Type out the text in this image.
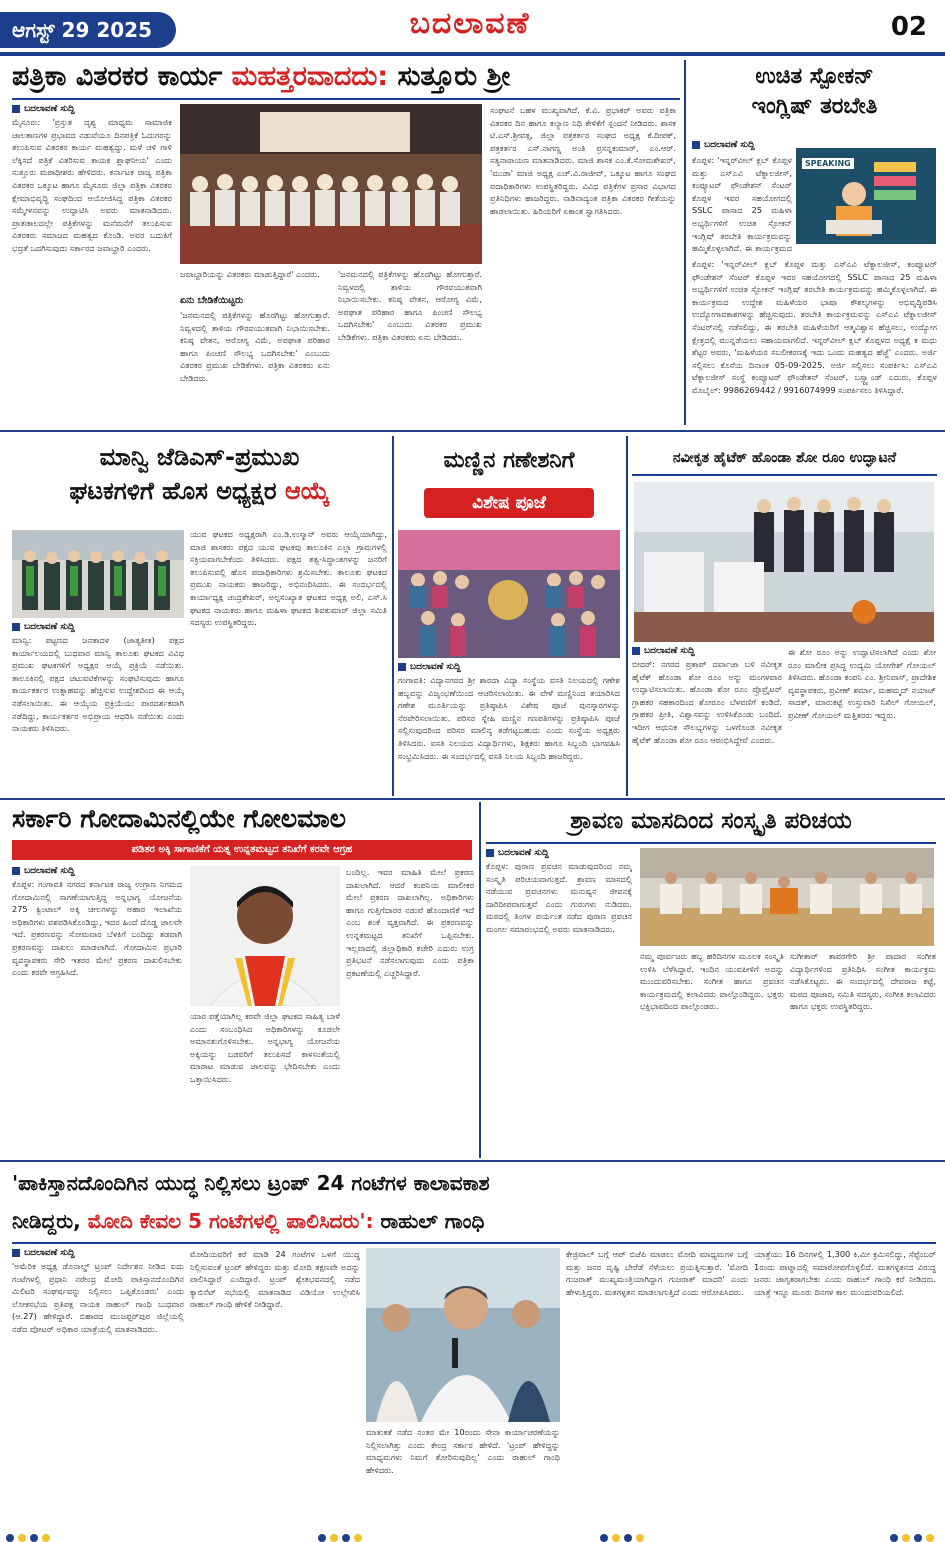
ಆಗಸ್ಟ್ 29 2025	ಬದಲಾವಣೆ	02
ಪತ್ರಿಕಾ ವಿತರಕರ ಕಾರ್ಯ ಮಹತ್ತರವಾದದು: ಸುತ್ತೂರು ಶ್ರೀ
ಬದಲಾವಣೆ ಸುದ್ದಿ
ಮೈಸೂರು: 'ಪ್ರಸ್ತುತ ದೃಶ್ಯ ಮಾಧ್ಯಮ ಸಾಮಾಜಿಕ ಜಾಲತಾಣಗಳ ಪ್ರಭಾವದ ನಡುವೆಯೂ ದಿನಪತ್ರಿಕೆ ಓದುಗರನ್ನು ತಲುಪಿಸುವ ವಿತರಕರ ಕಾರ್ಯ ಮಹತ್ವದ್ದು. ಮಳೆ ಚಳಿ ಗಾಳಿ ಲೆಕ್ಕಿಸದೆ ಪತ್ರಿಕೆ ವಿತರಿಸುವ ಕಾಯಕ ಶ್ಲಾಘನೀಯ' ಎಂದು ಸುತ್ತೂರು ಮಠಾಧೀಶರು ಹೇಳಿದರು. ಕರ್ನಾಟಕ ರಾಜ್ಯ ಪತ್ರಿಕಾ ವಿತರಕರ ಒಕ್ಕೂಟ ಹಾಗೂ ಮೈಸೂರು ಜಿಲ್ಲಾ ಪತ್ರಿಕಾ ವಿತರಕರ ಕ್ಷೇಮಾಭಿವೃದ್ಧಿ ಸಂಘದಿಂದ ಆಯೋಜಿಸಿದ್ದ ಪತ್ರಿಕಾ ವಿತರಕರ ಸಮ್ಮೇಳನವನ್ನು ಉದ್ಘಾಟಿಸಿ ಅವರು ಮಾತನಾಡಿದರು. ಪ್ರಾತಃಕಾಲದಲ್ಲೇ ಪತ್ರಿಕೆಗಳನ್ನು ಮನೆಮನೆಗೆ ತಲುಪಿಸುವ ವಿತರಕರು ಸಮಾಜದ ಮಹತ್ವದ ಕೊಂಡಿ. ಅವರ ಬದುಕಿಗೆ ಭದ್ರತೆ ಒದಗಿಸುವುದು ಸರ್ಕಾರದ ಜವಾಬ್ದಾರಿ ಎಂದರು.
ಜವಾಬ್ದಾರಿಯನ್ನು ವಿತರಕರು ಮಾಡುತ್ತಿದ್ದಾರೆ' ಎಂದರು.
ಏನು ಬೇಡಿಕೆಯಿಟ್ಟರು
'ಜನಮನದಲ್ಲಿ ಪತ್ರಿಕೆಗಳನ್ನು ಹೊರಗಿಟ್ಟು ಹೋಗುತ್ತಾರೆ. ನಿವ್ವಳದಲ್ಲಿ ತಾಳಿಯ ಗೌರವಯುತವಾಗಿ ನಿಭಾಯಿಸಬೇಕು. ಕನಿಷ್ಠ ವೇತನ, ಆರೋಗ್ಯ ವಿಮೆ, ಅಪಘಾತ ಪರಿಹಾರ ಹಾಗೂ ಪಿಂಚಣಿ ಸೌಲಭ್ಯ ಒದಗಿಸಬೇಕು' ಎಂಬುದು ವಿತರಕರ ಪ್ರಮುಖ ಬೇಡಿಕೆಗಳು. ಪತ್ರಿಕಾ ವಿತರಕರು ಏನು ಬೇಡಿದರು.
'ಜನಮನದಲ್ಲಿ ಪತ್ರಿಕೆಗಳನ್ನು ಹೊರಗಿಟ್ಟು ಹೋಗುತ್ತಾರೆ. ನಿವ್ವಳದಲ್ಲಿ ತಾಳಿಯ ಗೌರವಯುತವಾಗಿ ನಿಭಾಯಿಸಬೇಕು. ಕನಿಷ್ಠ ವೇತನ, ಆರೋಗ್ಯ ವಿಮೆ, ಅಪಘಾತ ಪರಿಹಾರ ಹಾಗೂ ಪಿಂಚಣಿ ಸೌಲಭ್ಯ ಒದಗಿಸಬೇಕು' ಎಂಬುದು ವಿತರಕರ ಪ್ರಮುಖ ಬೇಡಿಕೆಗಳು. ಪತ್ರಿಕಾ ವಿತರಕರು ಏನು ಬೇಡಿದರು.
ಸಂಘಟನೆ ಬಹಳ ಮುಖ್ಯವಾಗಿದೆ. ಕೆ.ವಿ. ಪ್ರಭಾಕರ್ ಅವರು ಪತ್ರಿಕಾ ವಿತರಕರ ದಿನ ಹಾಗೂ ಕಲ್ಯಾಣ ನಿಧಿ ಕೇಳಿಕೆಗೆ ಸ್ಪಂದನೆ ನೀಡಿದರು. ಶಾಸಕ ಟಿ.ಎಸ್.ಶ್ರೀವತ್ಸ, ಜಿಲ್ಲಾ ಪತ್ರಕರ್ತರ ಸಂಘದ ಅಧ್ಯಕ್ಷ ಕೆ.ದೀಪಕ್, ಪತ್ರಕರ್ತರ ಎಸ್.ನಾಗಣ್ಣ ಅಂತಿ ಪ್ರಸನ್ನಕುಮಾರ್, ಎಂ.ಆರ್. ಸತ್ಯನಾರಾಯಣ ಮಾತನಾಡಿದರು. ಮಾಜಿ ಶಾಸಕ ಎಂ.ಕೆ.ಸೋಮಶೇಖರ್, 'ಮುಡಾ' ಮಾಜಿ ಅಧ್ಯಕ್ಷ ಎಚ್.ವಿ.ರಾಜೀವ್, ಒಕ್ಕೂಟ ಹಾಗೂ ಸಂಘದ ಪದಾಧಿಕಾರಿಗಳು ಉಪಸ್ಥಿತರಿದ್ದರು. ವಿವಿಧ ಪತ್ರಿಕೆಗಳ ಪ್ರಸಾರ ವಿಭಾಗದ ಪ್ರತಿನಿಧಿಗಳು ಹಾಜರಿದ್ದರು. ನಾಡಿನಾದ್ಯಂತ ಪತ್ರಿಕಾ ವಿತರಕರ ಗೀತೆಯನ್ನು ಹಾಡಲಾಯಿತು. ಹಿರಿಯರಿಗೆ ಏಕಾಂತ ಸ್ವಾಗತಿಸಿದರು.
ಉಚಿತ ಸ್ಪೋಕನ್
ಇಂಗ್ಲಿಷ್ ತರಬೇತಿ
ಬದಲಾವಣೆ ಸುದ್ದಿ
SPEAKING
ಕೊಪ್ಪಳ: 'ಇನ್ನರ್‌ವೀಲ್ ಕ್ಲಬ್ ಕೊಪ್ಪಳ ಮತ್ತು ಎಸ್‌ಎವಿ ಟೆಕ್ನಾಲಜೀಸ್, ಕಂಪ್ಯೂಟರ್ ಫೌಂಡೇಶನ್ ಸೆಂಟರ್ ಕೊಪ್ಪಳ ಇವರ ಸಹಯೋಗದಲ್ಲಿ SSLC ಪಾಸಾದ 25 ಮಹಿಳಾ ಅಭ್ಯರ್ಥಿಗಳಿಗೆ ಉಚಿತ ಸ್ಪೋಕನ್ ಇಂಗ್ಲಿಷ್ ತರಬೇತಿ ಕಾರ್ಯಕ್ರಮವನ್ನು ಹಮ್ಮಿಕೊಳ್ಳಲಾಗಿದೆ. ಈ ಕಾರ್ಯಕ್ರಮದ
ಕೊಪ್ಪಳ: 'ಇನ್ನರ್‌ವೀಲ್ ಕ್ಲಬ್ ಕೊಪ್ಪಳ ಮತ್ತು ಎಸ್‌ಎವಿ ಟೆಕ್ನಾಲಜೀಸ್, ಕಂಪ್ಯೂಟರ್ ಫೌಂಡೇಶನ್ ಸೆಂಟರ್ ಕೊಪ್ಪಳ ಇವರ ಸಹಯೋಗದಲ್ಲಿ SSLC ಪಾಸಾದ 25 ಮಹಿಳಾ ಅಭ್ಯರ್ಥಿಗಳಿಗೆ ಉಚಿತ ಸ್ಪೋಕನ್ ಇಂಗ್ಲಿಷ್ ತರಬೇತಿ ಕಾರ್ಯಕ್ರಮವನ್ನು ಹಮ್ಮಿಕೊಳ್ಳಲಾಗಿದೆ. ಈ ಕಾರ್ಯಕ್ರಮದ ಉದ್ದೇಶ ಮಹಿಳೆಯರ ಭಾಷಾ ಕೌಶಲ್ಯಗಳನ್ನು ಅಭಿವೃದ್ಧಿಪಡಿಸಿ ಉದ್ಯೋಗಾವಕಾಶಗಳನ್ನು ಹೆಚ್ಚಿಸುವುದು. ತರಬೇತಿ ಕಾರ್ಯಕ್ರಮವನ್ನು ಎಸ್‌ಎವಿ ಟೆಕ್ನಾಲಜೀಸ್ ಸೆಂಟರ್‌ನಲ್ಲಿ ನಡೆಸಲಿದ್ದು, ಈ ತರಬೇತಿ ಮಹಿಳೆಯರಿಗೆ ಆತ್ಮವಿಶ್ವಾಸ ಹೆಚ್ಚಿಸಲು, ಉದ್ಯೋಗ ಕ್ಷೇತ್ರದಲ್ಲಿ ಮುನ್ನಡೆಯಲು ಸಹಾಯವಾಗಲಿದೆ. ಇನ್ನರ್‌ವೀಲ್ ಕ್ಲಬ್ ಕೊಪ್ಪಳದ ಅಧ್ಯಕ್ಷೆ ಕ ಮಧು ಶೆಟ್ಟರ ಅವರು, 'ಮಹಿಳೆಯರ ಸಬಲೀಕರಣಕ್ಕೆ ಇದು ಒಂದು ಮಹತ್ವದ ಹೆಜ್ಜೆ' ಎಂದರು. ಅರ್ಜಿ ಸಲ್ಲಿಸಲು ಕೊನೆಯ ದಿನಾಂಕ 05-09-2025. ಅರ್ಜಿ ಸಲ್ಲಿಸಲು ಸಂಪರ್ಕಿಸಿ: ಎಸ್‌ಎವಿ ಟೆಕ್ನಾಲಜೀಸ್ ಸಂಸ್ಥೆ ಕಂಪ್ಯೂಟರ್ ಫೌಂಡೇಶನ್ ಸೆಂಟರ್, ಬಸ್ಸ್ಟ್ಯಾಂಡ್ ಎದುರು, ಕೊಪ್ಪಳ ಮೊಬೈಲ್: 9986269442 / 9916074999 ಸಂಪರ್ಕಿಸಲು ತಿಳಿಸಿದ್ದಾರೆ.
ಮಾನ್ವಿ ಜೆಡಿಎಸ್-ಪ್ರಮುಖ
ಘಟಕಗಳಿಗೆ ಹೊಸ ಅಧ್ಯಕ್ಷರ ಆಯ್ಕೆ
ಬದಲಾವಣೆ ಸುದ್ದಿ
ಮಾನ್ವಿ: ಪಟ್ಟಣದ ಜನತಾದಳ (ಜಾತ್ಯತೀತ) ಪಕ್ಷದ ಕಾರ್ಯಾಲಯದಲ್ಲಿ ಬುಧವಾರ ಮಾನ್ವಿ ತಾಲೂಕು ಘಟಕದ ವಿವಿಧ ಪ್ರಮುಖ ಘಟಕಗಳಿಗೆ ಅಧ್ಯಕ್ಷರ ಆಯ್ಕೆ ಪ್ರಕ್ರಿಯೆ ನಡೆಯಿತು. ತಾಲೂಕಿನಲ್ಲಿ ಪಕ್ಷದ ಚಟುವಟಿಕೆಗಳನ್ನು ಸಂಘಟಿಸುವುದು ಹಾಗೂ ಕಾರ್ಯಕರ್ತರ ಉತ್ಸಾಹವನ್ನು ಹೆಚ್ಚಿಸುವ ಉದ್ದೇಶದಿಂದ ಈ ಆಯ್ಕೆ ನಡೆಸಲಾಯಿತು. ಈ ಆಯ್ಕೆಯ ಪ್ರಕ್ರಿಯೆಯು ಪಾರದರ್ಶಕವಾಗಿ ನಡೆದಿದ್ದು, ಕಾರ್ಯಕರ್ತರ ಅಭಿಪ್ರಾಯ ಆಧರಿಸಿ ನಡೆಯಿತು ಎಂದು ನಾಯಕರು ತಿಳಿಸಿದರು.
ಯುವ ಘಟಕದ ಅಧ್ಯಕ್ಷರಾಗಿ ಎಂ.ಡಿ.ಉಸ್ಮಾನ್ ಅವರು ಆಯ್ಕೆಯಾಗಿದ್ದು, ಮಾಜಿ ಶಾಸಕರು ಪಕ್ಷದ ಯುವ ಘಟಕವು ತಾಲೂಕಿನ ಎಲ್ಲಾ ಗ್ರಾಮಗಳಲ್ಲಿ ಸಕ್ರಿಯವಾಗಬೇಕೆಂದು ತಿಳಿಸಿದರು. ಪಕ್ಷದ ತತ್ವ-ಸಿದ್ಧಾಂತಗಳನ್ನು ಜನರಿಗೆ ತಲುಪಿಸುವಲ್ಲಿ ಹೊಸ ಪದಾಧಿಕಾರಿಗಳು ಶ್ರಮಿಸಬೇಕು. ತಾಲೂಕು ಘಟಕದ ಪ್ರಮುಖ ನಾಯಕರು ಹಾಜರಿದ್ದು, ಅಭಿನಂದಿಸಿದರು. ಈ ಸಂದರ್ಭದಲ್ಲಿ ಕಾರ್ಯಾಧ್ಯಕ್ಷ ಚಂದ್ರಶೇಖರ್, ಅಲ್ಪಸಂಖ್ಯಾತ ಘಟಕದ ಅಧ್ಯಕ್ಷ ಅಲಿ, ಎಸ್.ಸಿ ಘಟಕದ ನಾಯಕರು ಹಾಗೂ ಮಹಿಳಾ ಘಟಕದ ಶಿವಕುಮಾರ್ ಜಿಲ್ಲಾ ಸಮಿತಿ ಸದಸ್ಯರು ಉಪಸ್ಥಿತರಿದ್ದರು.
ಮಣ್ಣಿನ ಗಣೇಶನಿಗೆ
ವಿಶೇಷ ಪೂಜೆ
ಬದಲಾವಣೆ ಸುದ್ದಿ
ಗಂಗಾವತಿ: ವಿದ್ಯಾನಗರದ ಶ್ರೀ ಶಾರದಾ ವಿದ್ಯಾ ಸಂಸ್ಥೆಯ ವಸತಿ ನಿಲಯದಲ್ಲಿ ಗಣೇಶ ಹಬ್ಬವನ್ನು ವಿಜೃಂಭಣೆಯಿಂದ ಆಚರಿಸಲಾಯಿತು. ಈ ವೇಳೆ ಮಣ್ಣಿನಿಂದ ತಯಾರಿಸಿದ ಗಣೇಶ ಮೂರ್ತಿಯನ್ನು ಪ್ರತಿಷ್ಠಾಪಿಸಿ ವಿಶೇಷ ಪೂಜೆ ಪುನಸ್ಕಾರಗಳನ್ನು ನೆರವೇರಿಸಲಾಯಿತು. ಪರಿಸರ ಸ್ನೇಹಿ ಮಣ್ಣಿನ ಗಣಪತಿಗಳನ್ನು ಪ್ರತಿಷ್ಠಾಪಿಸಿ ಪೂಜೆ ಸಲ್ಲಿಸುವುದರಿಂದ ಪರಿಸರ ಮಾಲಿನ್ಯ ತಡೆಗಟ್ಟಬಹುದು ಎಂದು ಸಂಸ್ಥೆಯ ಅಧ್ಯಕ್ಷರು ತಿಳಿಸಿದರು. ವಸತಿ ನಿಲಯದ ವಿದ್ಯಾರ್ಥಿಗಳು, ಶಿಕ್ಷಕರು ಹಾಗೂ ಸಿಬ್ಬಂದಿ ಭಾಗವಹಿಸಿ ಸಂಭ್ರಮಿಸಿದರು. ಈ ಸಂದರ್ಭದಲ್ಲಿ ವಸತಿ ನಿಲಯ ಸಿಬ್ಬಂದಿ ಹಾಜರಿದ್ದರು.
ನವೀಕೃತ ಹೈಟೆಕ್ ಹೊಂಡಾ ಶೋ ರೂಂ ಉದ್ಘಾಟನೆ
ಬದಲಾವಣೆ ಸುದ್ದಿ
ಬೀದರ್: ನಗರದ ಪ್ರತಾಪ್ ದರ್ವಾಜಾ ಬಳಿ ನವೀಕೃತ ಹೈಟೆಕ್ ಹೊಂಡಾ ಶೋ ರೂಂ ಅನ್ನು ಮಂಗಳವಾರ ಉದ್ಘಾಟಿಸಲಾಯಿತು. ಹೊಂಡಾ ಶೋ ರೂಂ ಪ್ರೊಪ್ರೈಟರ್ ಗ್ರಾಹಕರ ಸಹಕಾರದಿಂದ ಶೋರೂಂ ಬೆಳವಣಿಗೆ ಕಂಡಿದೆ. ಗ್ರಾಹಕರ ಪ್ರೀತಿ, ವಿಶ್ವಾಸವನ್ನು ಉಳಿಸಿಕೊಂಡು ಬಂದಿದೆ. ಇದೀಗ ಆಧುನಿಕ ಸೌಲಭ್ಯಗಳನ್ನು ಒಳಗೊಂಡ ನವೀಕೃತ ಹೈಟೆಕ್ ಹೊಂಡಾ ಶೋ ರೂಂ ಆರಂಭಿಸಿದ್ದೇವೆ ಎಂದರು.
ಈ ಶೋ ರೂಂ ಅನ್ನು ಉದ್ಘಾಟಿಸಲಾಗಿದೆ ಎಂದು ಶೋ ರೂಂ ಮಾಲೀಕ ಪ್ರಸಿದ್ಧ ಉದ್ಯಮಿ ಯೋಗೇಶ್ ಗೋಯಲ್ ತಿಳಿಸಿದರು. ಹೊಂಡಾ ಕಂಪನಿ ಎಂ. ಶ್ರೀನಿವಾಸ್, ಪ್ರಾದೇಶಿಕ ವ್ಯವಸ್ಥಾಪಕರು, ಪ್ರವೀಣ್ ಶರ್ಮಾ, ಮಹಮ್ಮದ್ ನಯಾಜ್ ಸಾದತ್, ಮಾರುಕಟ್ಟೆ ಉಸ್ತುವಾರಿ ನಿಖಿಲ್ ಗೋಯಲ್, ಪ್ರವೀಣ್ ಗೋಯಲ್ ಮತ್ತಿತರರು ಇದ್ದರು.
ಸರ್ಕಾರಿ ಗೋದಾಮಿನಲ್ಲಿಯೇ ಗೋಲಮಾಲ
ಪಡಿತರ ಅಕ್ಕಿ ಸಾಗಾಣಿಕೆಗೆ ಯತ್ನ ಉನ್ನತಮಟ್ಟದ ತನಿಖೆಗೆ ಕರವೇ ಆಗ್ರಹ
ಬದಲಾವಣೆ ಸುದ್ದಿ
ಕೊಪ್ಪಳ: ಗಂಗಾವತಿ ನಗರದ ಕರ್ನಾಟಕ ರಾಜ್ಯ ಉಗ್ರಾಣ ನಿಗಮದ ಗೋದಾಮಿನಲ್ಲಿ ಸಾಗಣೆಯಾಗುತ್ತಿದ್ದ ಅನ್ನಭಾಗ್ಯ ಯೋಜನೆಯ 275 ಕ್ವಿಂಟಾಲ್ ಅಕ್ಕಿ ಚೀಲಗಳನ್ನು ಆಹಾರ ಇಲಾಖೆಯ ಅಧಿಕಾರಿಗಳು ವಶಪಡಿಸಿಕೊಂಡಿದ್ದು, ಇದರ ಹಿಂದೆ ದೊಡ್ಡ ಜಾಲವೇ ಇದೆ. ಪ್ರಕರಣವನ್ನು ಸೋಮವಾರ ಬೆಳಕಿಗೆ ಬಂದಿದ್ದು ತಡವಾಗಿ ಪ್ರಕರಣವನ್ನು ದಾಖಲು ಮಾಡಲಾಗಿದೆ. ಗೋದಾಮಿನ ಪ್ರಭಾರಿ ವ್ಯವಸ್ಥಾಪಕರು ಸೇರಿ ಇತರರ ಮೇಲೆ ಪ್ರಕರಣ ದಾಖಲಿಸಬೇಕು ಎಂದು ಕರವೇ ಆಗ್ರಹಿಸಿದೆ.
ಯಾರ ಪತ್ತೆಯಾಗಿಲ್ಲ ಕರವೇ ಜಿಲ್ಲಾ ಘಟಕದ ಸಾಹಿತ್ಯ ಬಾಳೆ ಎಂದು ಸಂಬಂಧಿಸಿದ ಅಧಿಕಾರಿಗಳನ್ನು ಕೂಡಲೇ ಅಮಾನತುಗೊಳಿಸಬೇಕು. ಅನ್ನಭಾಗ್ಯ ಯೋಜನೆಯ ಅಕ್ಕಿಯನ್ನು ಬಡವರಿಗೆ ತಲುಪಿಸದೆ ಕಾಳಸಂತೆಯಲ್ಲಿ ಮಾರಾಟ ಮಾಡುವ ಜಾಲವನ್ನು ಭೇದಿಸಬೇಕು ಎಂದು ಒತ್ತಾಯಿಸಿದರು.
ಬಂದಿಲ್ಲ. ಇವರ ಮಾಹಿತಿ ಮೇಲೆ ಪ್ರಕರಣ ದಾಖಲಾಗಿದೆ. ಆದರೆ ಕಂಪನಿಯ ಮಾಲೀಕರ ಮೇಲೆ ಪ್ರಕರಣ ದಾಖಲಾಗಿಲ್ಲ. ಅಧಿಕಾರಿಗಳು ಹಾಗೂ ಗುತ್ತಿಗೆದಾರರ ನಡುವೆ ಹೊಂದಾಣಿಕೆ ಇದೆ ಎಂಬ ಶಂಕೆ ವ್ಯಕ್ತವಾಗಿದೆ. ಈ ಪ್ರಕರಣವನ್ನು ಉನ್ನತಮಟ್ಟದ ತನಿಖೆಗೆ ಒಪ್ಪಿಸಬೇಕು. ಇಲ್ಲವಾದಲ್ಲಿ ಜಿಲ್ಲಾಧಿಕಾರಿ ಕಚೇರಿ ಎದುರು ಉಗ್ರ ಪ್ರತಿಭಟನೆ ನಡೆಸಲಾಗುವುದು ಎಂದು ಪತ್ರಿಕಾ ಪ್ರಕಟಣೆಯಲ್ಲಿ ಎಚ್ಚರಿಸಿದ್ದಾರೆ.
ಶ್ರಾವಣ ಮಾಸದಿಂದ ಸಂಸ್ಕೃತಿ ಪರಿಚಯ
ಬದಲಾವಣೆ ಸುದ್ದಿ
ಕೊಪ್ಪಳ: ಪುರಾಣ ಪ್ರವಚನ ಮಾಡುವುದರಿಂದ ನಮ್ಮ ಸಂಸ್ಕೃತಿ ಪರಿಚಯವಾಗುತ್ತದೆ. ಶ್ರಾವಣ ಮಾಸದಲ್ಲಿ ನಡೆಯುವ ಪ್ರವಚನಗಳು ಮನುಷ್ಯನ ಜೀವನಕ್ಕೆ ದಾರಿದೀಪವಾಗುತ್ತವೆ ಎಂದು ಗುರುಗಳು ನುಡಿದರು. ಮಠದಲ್ಲಿ ತಿಂಗಳ ಪರ್ಯಂತ ನಡೆದ ಪುರಾಣ ಪ್ರವಚನ ಮಂಗಲ ಸಮಾರಂಭದಲ್ಲಿ ಅವರು ಮಾತನಾಡಿದರು.
ನಮ್ಮ ಪೂರ್ವಜರು ಹಬ್ಬ ಹರಿದಿನಗಳ ಮೂಲಕ ಸಂಸ್ಕೃತಿ ಉಳಿಸಿ ಬೆಳೆಸಿದ್ದಾರೆ. ಇಂದಿನ ಯುವಪೀಳಿಗೆ ಅದನ್ನು ಮುಂದುವರಿಸಬೇಕು. ಸಂಗೀತ ಹಾಗೂ ಪ್ರವಚನ ಕಾರ್ಯಕ್ರಮದಲ್ಲಿ ಕಲಾವಿದರು ಪಾಲ್ಗೊಂಡಿದ್ದರು. ಭಕ್ತರು ಭಕ್ತಿಭಾವದಿಂದ ಪಾಲ್ಗೊಂಡರು.
ಸುಗೀತಾರ್ ತಾವರಗೇರಿ ಶ್ರೀ ಪಾದಾರ ಸಂಗೀತ ವಿದ್ಯಾರ್ಥಿಗಳಿಂದ ಪ್ರತಿನಿಧಿಸಿ ಸಂಗೀತ ಕಾರ್ಯಕ್ರಮ ನಡೆಸಿಕೊಟ್ಟರು. ಈ ಸಂದರ್ಭದಲ್ಲಿ ದೇವರಾಜ ಕಟ್ಟೆ, ಮಠದ ಪೂಜಾರ, ಸಮಿತಿ ಸದಸ್ಯರು, ಸಂಗೀತ ಕಲಾವಿದರು ಹಾಗೂ ಭಕ್ತರು ಉಪಸ್ಥಿತರಿದ್ದರು.
'ಪಾಕಿಸ್ತಾನದೊಂದಿಗಿನ ಯುದ್ಧ ನಿಲ್ಲಿಸಲು ಟ್ರಂಪ್ 24 ಗಂಟೆಗಳ ಕಾಲಾವಕಾಶ
ನೀಡಿದ್ದರು, ಮೋದಿ ಕೇವಲ 5 ಗಂಟೆಗಳಲ್ಲಿ ಪಾಲಿಸಿದರು': ರಾಹುಲ್ ಗಾಂಧಿ
ಬದಲಾವಣೆ ಸುದ್ದಿ
'ಅಮೆರಿಕ ಅಧ್ಯಕ್ಷ ಡೊನಾಲ್ಡ್ ಟ್ರಂಪ್ ನಿರ್ದೇಶನ ನೀಡಿದ ಐದು ಗಂಟೆಗಳಲ್ಲಿ ಪ್ರಧಾನಿ ನರೇಂದ್ರ ಮೋದಿ ಪಾಕಿಸ್ತಾನದೊಂದಿಗಿನ ಮಿಲಿಟರಿ ಸಂಘರ್ಷವನ್ನು ನಿಲ್ಲಿಸಲು ಒಪ್ಪಿಕೊಂಡರು' ಎಂದು ಲೋಕಸಭೆಯ ಪ್ರತಿಪಕ್ಷ ನಾಯಕ ರಾಹುಲ್ ಗಾಂಧಿ ಬುಧವಾರ (ಆ.27) ಹೇಳಿದ್ದಾರೆ. ಬಿಹಾರದ ಮುಜಫ್ಫರ್‌ಪುರ ಜಿಲ್ಲೆಯಲ್ಲಿ ನಡೆದ ವೋಟರ್ ಅಧಿಕಾರ ಯಾತ್ರೆಯಲ್ಲಿ ಮಾತನಾಡಿದರು.
ಮೋದಿಯವರಿಗೆ ಕರೆ ಮಾಡಿ 24 ಗಂಟೆಗಳ ಒಳಗೆ ಯುದ್ಧ ನಿಲ್ಲಿಸುವಂತೆ ಟ್ರಂಪ್ ಹೇಳಿದ್ದರು ಮತ್ತು ಮೋದಿ ತಕ್ಷಣವೇ ಅದನ್ನು ಪಾಲಿಸಿದ್ದಾರೆ ಎಂದಿದ್ದಾರೆ. ಟ್ರಂಪ್ ಶ್ವೇತಭವನದಲ್ಲಿ ನಡೆದ ಕ್ಯಾಬಿನೆಟ್ ಸಭೆಯಲ್ಲಿ ಮಾತನಾಡಿದ ವಿಡಿಯೋ ಉಲ್ಲೇಖಿಸಿ ರಾಹುಲ್ ಗಾಂಧಿ ಹೇಳಿಕೆ ನೀಡಿದ್ದಾರೆ.
ಮಾತುಕತೆ ನಡೆದ ನಂತರ ಮೇ 10ರಂದು ಸೇನಾ ಕಾರ್ಯಾಚರಣೆಯನ್ನು ನಿಲ್ಲಿಸಲಾಗಿತ್ತು ಎಂದು ಕೇಂದ್ರ ಸರ್ಕಾರ ಹೇಳಿದೆ. 'ಟ್ರಂಪ್ ಹೇಳಿದ್ದನ್ನು ಮಾಧ್ಯಮಗಳು ನಿಮಗೆ ತೋರಿಸುವುದಿಲ್ಲ' ಎಂದು ರಾಹುಲ್ ಗಾಂಧಿ ಹೇಳಿದರು.
ಕೇಜ್ರಿವಾಲ್ ಬಗ್ಗೆ ಆಪ್ ಬಿಜೆಪಿ ಮಾಡಲು ಮೋದಿ ಮಾಧ್ಯಮಗಳ ಬಗ್ಗೆ ಮತ್ತು ಜನರ ದೃಷ್ಟಿ ಬೇರೆಡೆ ಸೆಳೆಯಲು ಪ್ರಯತ್ನಿಸುತ್ತಾರೆ. 'ಮೋದಿ ಗುಜರಾತ್ ಮುಖ್ಯಮಂತ್ರಿಯಾಗಿದ್ದಾಗ ಗುಜರಾತ್ ಮಾದರಿ' ಎಂದು ಹೇಳುತ್ತಿದ್ದರು. ಮತಗಳ್ಳತನ ಮಾಡಲಾಗುತ್ತಿದೆ ಎಂದು ಆರೋಪಿಸಿದರು.
ಯಾತ್ರೆಯು 16 ದಿನಗಳಲ್ಲಿ 1,300 ಕಿ.ಮೀ ಕ್ರಮಿಸಲಿದ್ದು, ಸೆಪ್ಟೆಂಬರ್ 1ರಂದು ಪಾಟ್ನಾದಲ್ಲಿ ಸಮಾರೋಪಗೊಳ್ಳಲಿದೆ. ಮತಗಳ್ಳತನದ ವಿರುದ್ಧ ಜನರು ಜಾಗೃತರಾಗಬೇಕು ಎಂದು ರಾಹುಲ್ ಗಾಂಧಿ ಕರೆ ನೀಡಿದರು. ಯಾತ್ರೆ ಇನ್ನೂ ಮೂರು ದಿನಗಳ ಕಾಲ ಮುಂದುವರಿಯಲಿದೆ.
